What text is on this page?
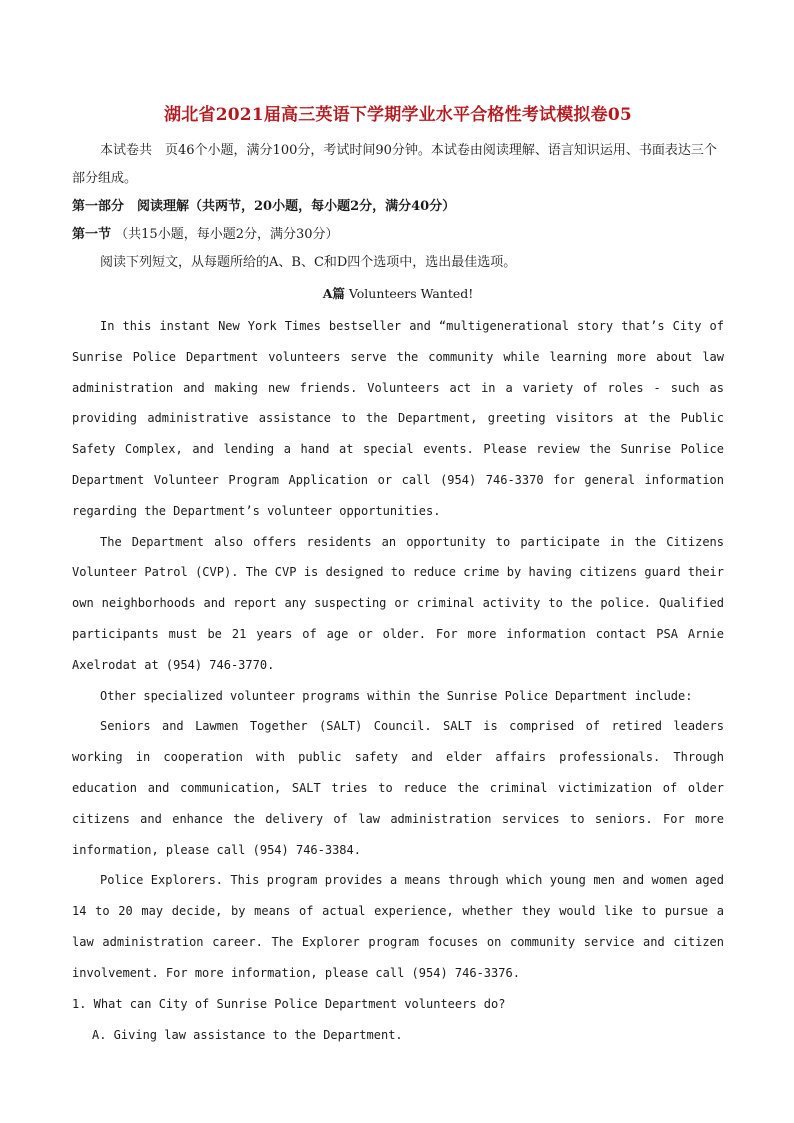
湖北省2021届高三英语下学期学业水平合格性考试模拟卷05

本试卷共　页46个小题，满分100分，考试时间90分钟。本试卷由阅读理解、语言知识运用、书面表达三个部分组成。

第一部分　阅读理解（共两节，20小题，每小题2分，满分40分）

第一节 （共15小题，每小题2分，满分30分）

阅读下列短文，从每题所给的A、B、C和D四个选项中，选出最佳选项。

A篇 Volunteers Wanted!

In this instant New York Times bestseller and “multigenerational story that’s City of Sunrise Police Department volunteers serve the community while learning more about law administration and making new friends. Volunteers act in a variety of roles - such as providing administrative assistance to the Department, greeting visitors at the Public Safety Complex, and lending a hand at special events. Please review the Sunrise Police Department Volunteer Program Application or call (954) 746-3370 for general information regarding the Department’s volunteer opportunities.

The Department also offers residents an opportunity to participate in the Citizens Volunteer Patrol (CVP). The CVP is designed to reduce crime by having citizens guard their own neighborhoods and report any suspecting or criminal activity to the police. Qualified participants must be 21 years of age or older. For more information contact PSA Arnie Axelrodat at (954) 746-3770.

Other specialized volunteer programs within the Sunrise Police Department include:

Seniors and Lawmen Together (SALT) Council. SALT is comprised of retired leaders working in cooperation with public safety and elder affairs professionals. Through education and communication, SALT tries to reduce the criminal victimization of older citizens and enhance the delivery of law administration services to seniors. For more information, please call (954) 746-3384.

Police Explorers. This program provides a means through which young men and women aged 14 to 20 may decide, by means of actual experience, whether they would like to pursue a law administration career. The Explorer program focuses on community service and citizen involvement. For more information, please call (954) 746-3376.

1. What can City of Sunrise Police Department volunteers do?

A. Giving law assistance to the Department.
